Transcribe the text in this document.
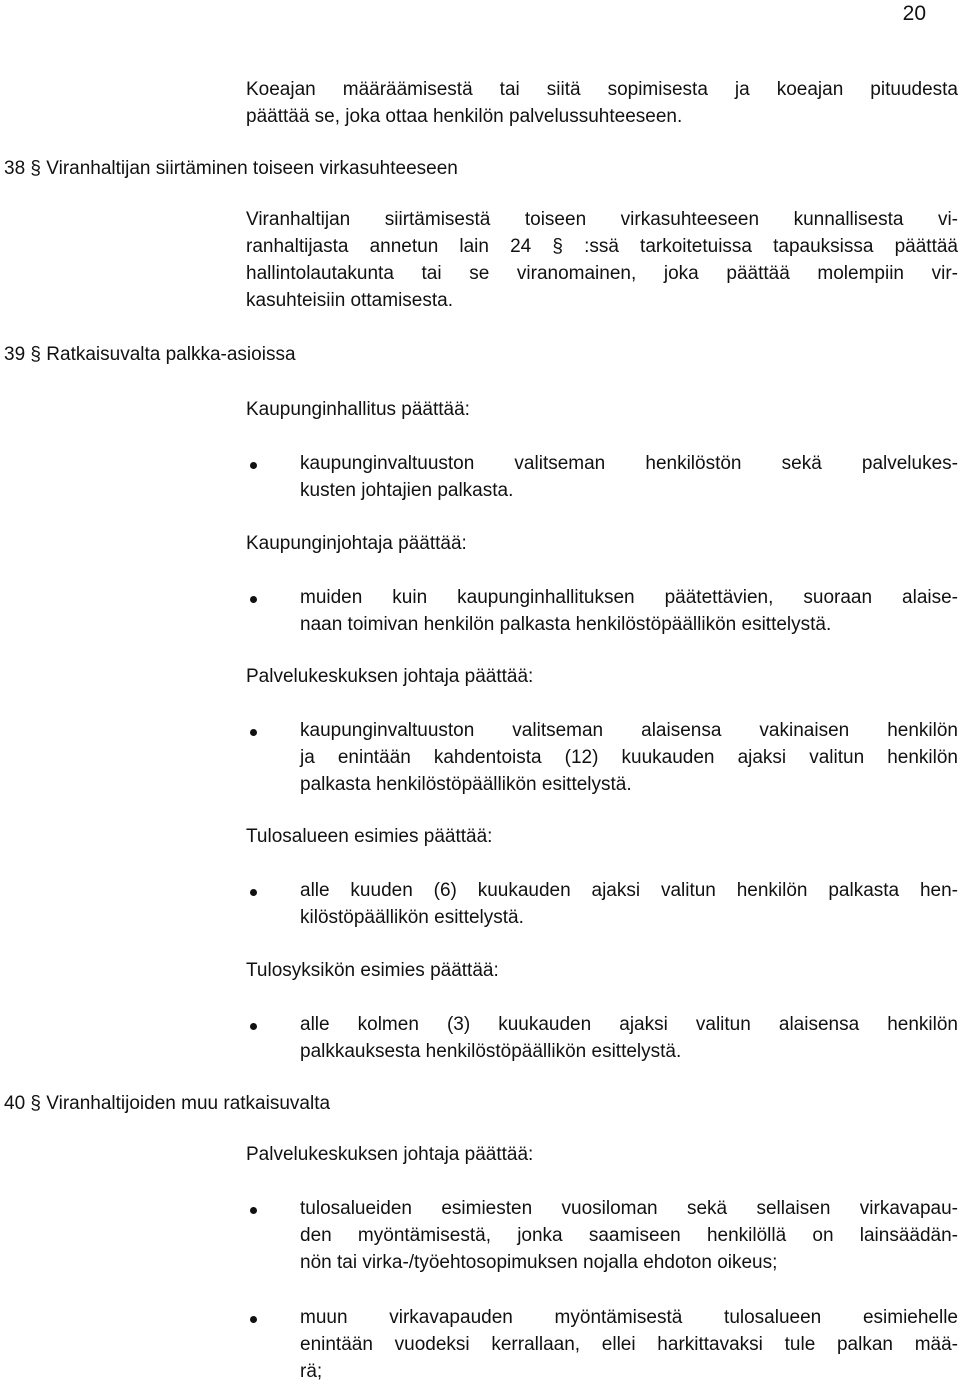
20
Koeajan määräämisestä tai siitä sopimisesta ja koeajan pituudesta
päättää se, joka ottaa henkilön palvelussuhteeseen.
38 § Viranhaltijan siirtäminen toiseen virkasuhteeseen
Viranhaltijan siirtämisestä toiseen virkasuhteeseen kunnallisesta vi-
ranhaltijasta annetun lain 24 § :ssä tarkoitetuissa tapauksissa päättää
hallintolautakunta tai se viranomainen, joka päättää molempiin vir-
kasuhteisiin ottamisesta.
39 § Ratkaisuvalta palkka-asioissa
Kaupunginhallitus päättää:
kaupunginvaltuuston valitseman henkilöstön sekä palvelukes-
kusten johtajien palkasta.
Kaupunginjohtaja päättää:
muiden kuin kaupunginhallituksen päätettävien, suoraan alaise-
naan toimivan henkilön palkasta henkilöstöpäällikön esittelystä.
Palvelukeskuksen johtaja päättää:
kaupunginvaltuuston valitseman alaisensa vakinaisen henkilön
ja enintään kahdentoista (12) kuukauden ajaksi valitun henkilön
palkasta henkilöstöpäällikön esittelystä.
Tulosalueen esimies päättää:
alle kuuden (6) kuukauden ajaksi valitun henkilön palkasta hen-
kilöstöpäällikön esittelystä.
Tulosyksikön esimies päättää:
alle kolmen (3) kuukauden ajaksi valitun alaisensa henkilön
palkkauksesta henkilöstöpäällikön esittelystä.
40 § Viranhaltijoiden muu ratkaisuvalta
Palvelukeskuksen johtaja päättää:
tulosalueiden esimiesten vuosiloman sekä sellaisen virkavapau-
den myöntämisestä, jonka saamiseen henkilöllä on lainsäädän-
nön tai virka-/työehtosopimuksen nojalla ehdoton oikeus;
muun virkavapauden myöntämisestä tulosalueen esimiehelle
enintään vuodeksi kerrallaan, ellei harkittavaksi tule palkan mää-
rä;
